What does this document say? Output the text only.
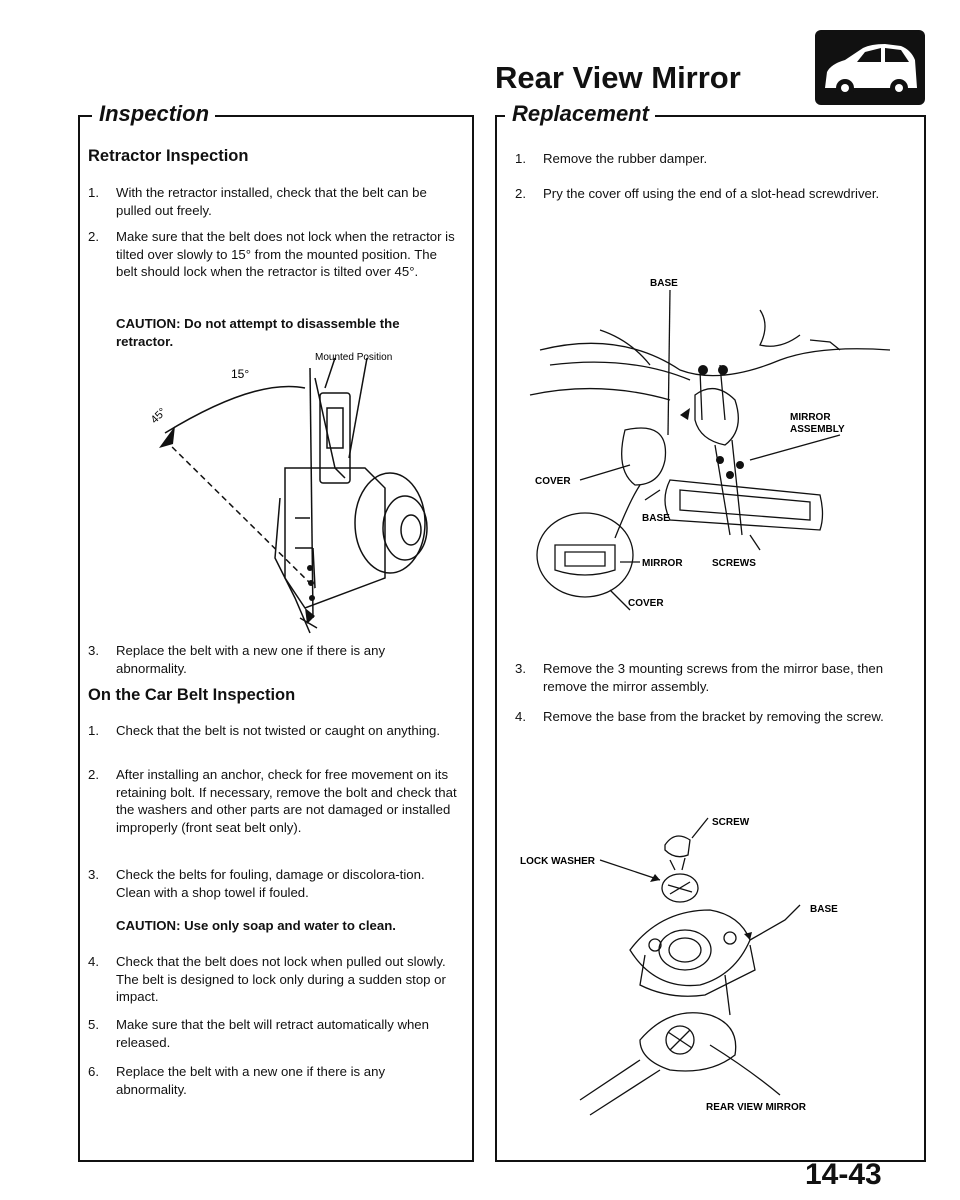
Rear View Mirror
Inspection
Retractor Inspection
1. With the retractor installed, check that the belt can be pulled out freely.
2. Make sure that the belt does not lock when the retractor is tilted over slowly to 15° from the mounted position. The belt should lock when the retractor is tilted over 45°.
CAUTION: Do not attempt to disassemble the retractor.
15°
45°
Mounted Position
3. Replace the belt with a new one if there is any abnormality.
On the Car Belt Inspection
1. Check that the belt is not twisted or caught on anything.
2. After installing an anchor, check for free movement on its retaining bolt. If necessary, remove the bolt and check that the washers and other parts are not damaged or installed improperly (front seat belt only).
3. Check the belts for fouling, damage or discolora-tion. Clean with a shop towel if fouled.
CAUTION: Use only soap and water to clean.
4. Check that the belt does not lock when pulled out slowly. The belt is designed to lock only during a sudden stop or impact.
5. Make sure that the belt will retract automatically when released.
6. Replace the belt with a new one if there is any abnormality.
Replacement
1. Remove the rubber damper.
2. Pry the cover off using the end of a slot-head screwdriver.
BASE
MIRROR
ASSEMBLY
COVER
BASE
MIRROR	SCREWS
COVER
3. Remove the 3 mounting screws from the mirror base, then remove the mirror assembly.
4. Remove the base from the bracket by removing the screw.
SCREW
LOCK WASHER
BASE
REAR VIEW MIRROR
14-43
